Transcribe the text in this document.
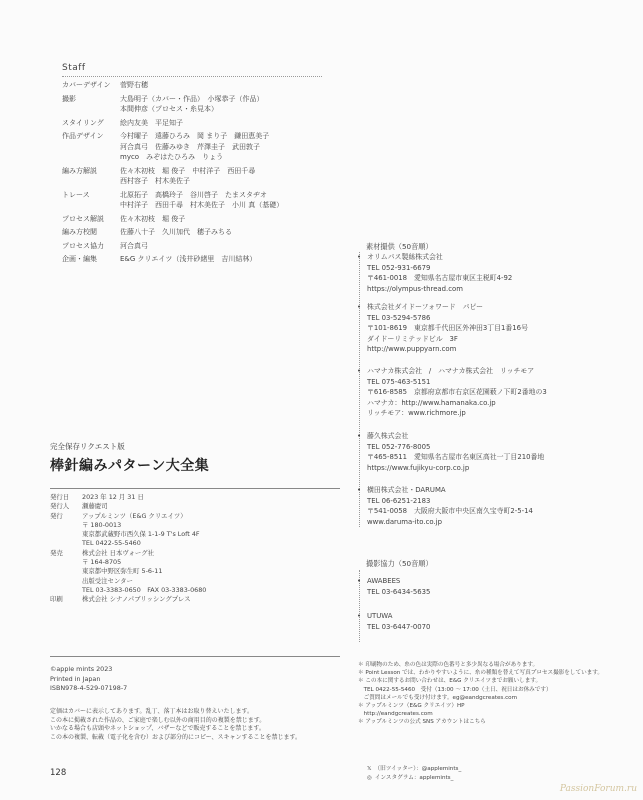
Staff
カバーデザイン	菅野右穂
撮影	大島明子（カバー・作品）　小塚恭子（作品）
本間伸彦（プロセス・糸見本）
スタイリング	絵内友美　平足知子
作品デザイン	今村曜子　遠藤ひろみ　岡 まり子　鎌田恵美子
河合真弓　佐藤みゆき　芹澤圭子　武田敦子
myco　みぞはたひろみ　りょう
編み方解説	佐々木初枝　堀 俊子　中村洋子　西田千尋
西村容子　村木美佐子
トレース	北原拓子　高橋玲子　谷川啓子　たまスタヂオ
中村洋子　西田千尋　村木美佐子　小川 真（基礎）
プロセス解説	佐々木初枝　堀 俊子
編み方校閲	佐藤八十子　久川加代　穂子みちる
プロセス協力	河合真弓
企画・編集	E&G クリエイツ（浅井砂緒里　吉川結林）
完全保存リクエスト版
棒針編みパターン大全集
発行日	2023 年 12 月 31 日
発行人	瀬藤慶司
発行	アップルミンツ（E&G クリエイツ）
〒 180-0013
東京都武蔵野市西久保 1-1-9 T's Loft 4F
TEL 0422-55-5460
発売	株式会社 日本ヴォーグ社
〒 164-8705
東京都中野区弥生町 5-6-11
出版受注センター
TEL 03-3383-0650　FAX 03-3383-0680
印刷	株式会社 シナノパブリッシングプレス
©apple mints 2023
Printed in Japan
ISBN978-4-529-07198-7
定価はカバーに表示してあります。乱丁、落丁本はお取り替えいたします。
この本に掲載された作品の、ご家庭で楽しむ以外の商用目的の複製を禁じます。
いかなる場合も店頭やネットショップ、バザーなどで販売することを禁じます。
この本の複製、転載（電子化を含む）および部分的にコピー、スキャンすることを禁じます。
128
素材撮供（50音順）
• オリムパス製絲株式会社
TEL 052-931-6679
〒461-0018　愛知県名古屋市東区主税町4-92
https://olympus-thread.com
• 株式会社ダイドーフォワード　パピー
TEL 03-5294-5786
〒101-8619　東京都千代田区外神田3丁目1番16号
ダイドーリミテッドビル　3F
http://www.puppyarn.com
• ハマナカ株式会社　/　ハマナカ株式会社　リッチモア
TEL 075-463-5151
〒616-8585　京都府京都市右京区花園薮ノ下町2番地の3
ハマナカ：http://www.hamanaka.co.jp
リッチモア：www.richmore.jp
• 藤久株式会社
TEL 052-776-8005
〒465-8511　愛知県名古屋市名東区高社一丁目210番地
https://www.fujikyu-corp.co.jp
• 横田株式会社・DARUMA
TEL 06-6251-2183
〒541-0058　大阪府大阪市中央区南久宝寺町2-5-14
www.daruma-ito.co.jp
撮影協力（50音順）
• AWABEES
TEL 03-6434-5635
• UTUWA
TEL 03-6447-0070
＊ 印刷物のため、糸の色は実際の色番号と多少異なる場合があります。
＊ Point Lesson では、わかりやすいように、糸の種類を替えて写真プロセス撮影をしています。
＊ この本に関するお問い合わせは、E&G クリエイツまでお願いします。
　TEL 0422-55-5460　受付（13:00 ～ 17:00（土日、祝日はお休みです）
　ご質問はメールでも受け付けます。eg@eandgcreates.com
＊ アップルミンツ（E&G クリエイツ）HP
　http://eandgcreates.com
＊ アップルミンツの公式 SNS アカウントはこちら
𝕏 （旧ツイッター）：@applemints_
◎ インスタグラム：applemints_
PassionForum.ru
